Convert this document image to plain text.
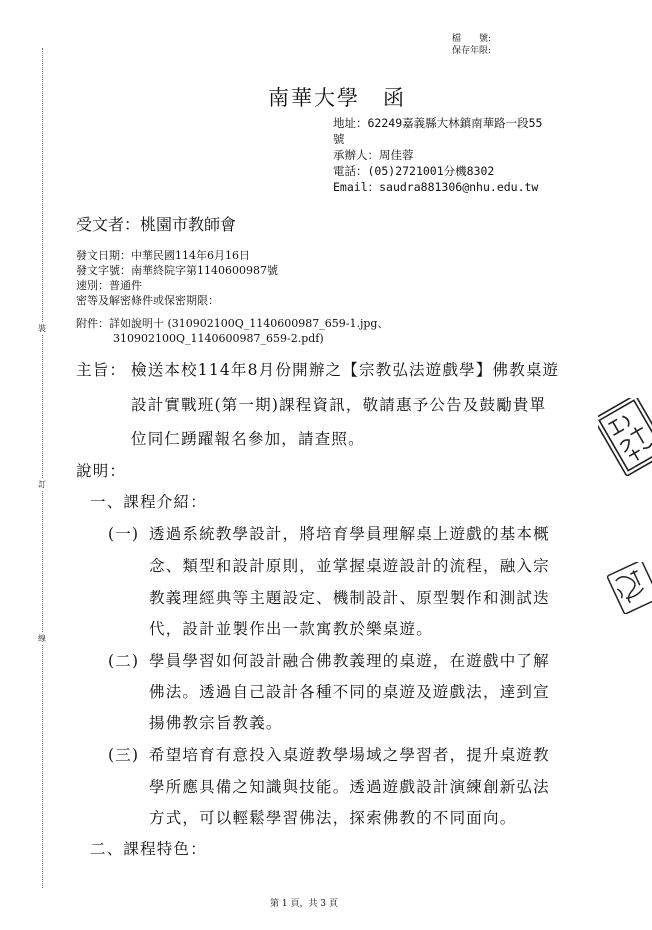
裝
訂
線
檔　　號:
保存年限:
南華大學　函
地址：62249嘉義縣大林鎮南華路一段55
號
承辦人：周佳蓉
電話：(05)2721001分機8302
Email：saudra881306@nhu.edu.tw
受文者：桃園市教師會
發文日期：中華民國114年6月16日
發文字號：南華終院字第1140600987號
速別：普通件
密等及解密條件或保密期限：
附件：詳如說明十 (310902100Q_1140600987_659-1.jpg、
310902100Q_1140600987_659-2.pdf)
主旨： 檢送本校114年8月份開辦之【宗教弘法遊戲學】佛教桌遊
設計實戰班(第一期)課程資訊，敬請惠予公告及鼓勵貴單
位同仁踴躍報名參加，請查照。
說明：
一、課程介紹：
(一) 透過系統教學設計，將培育學員理解桌上遊戲的基本概
念、類型和設計原則，並掌握桌遊設計的流程，融入宗
教義理經典等主題設定、機制設計、原型製作和測試迭
代，設計並製作出一款寓教於樂桌遊。
(二) 學員學習如何設計融合佛教義理的桌遊，在遊戲中了解
佛法。透過自己設計各種不同的桌遊及遊戲法，達到宣
揚佛教宗旨教義。
(三) 希望培育有意投入桌遊教學場域之學習者，提升桌遊教
學所應具備之知識與技能。透過遊戲設計演練創新弘法
方式，可以輕鬆學習佛法，探索佛教的不同面向。
二、課程特色：
第 1 頁，共 3 頁
